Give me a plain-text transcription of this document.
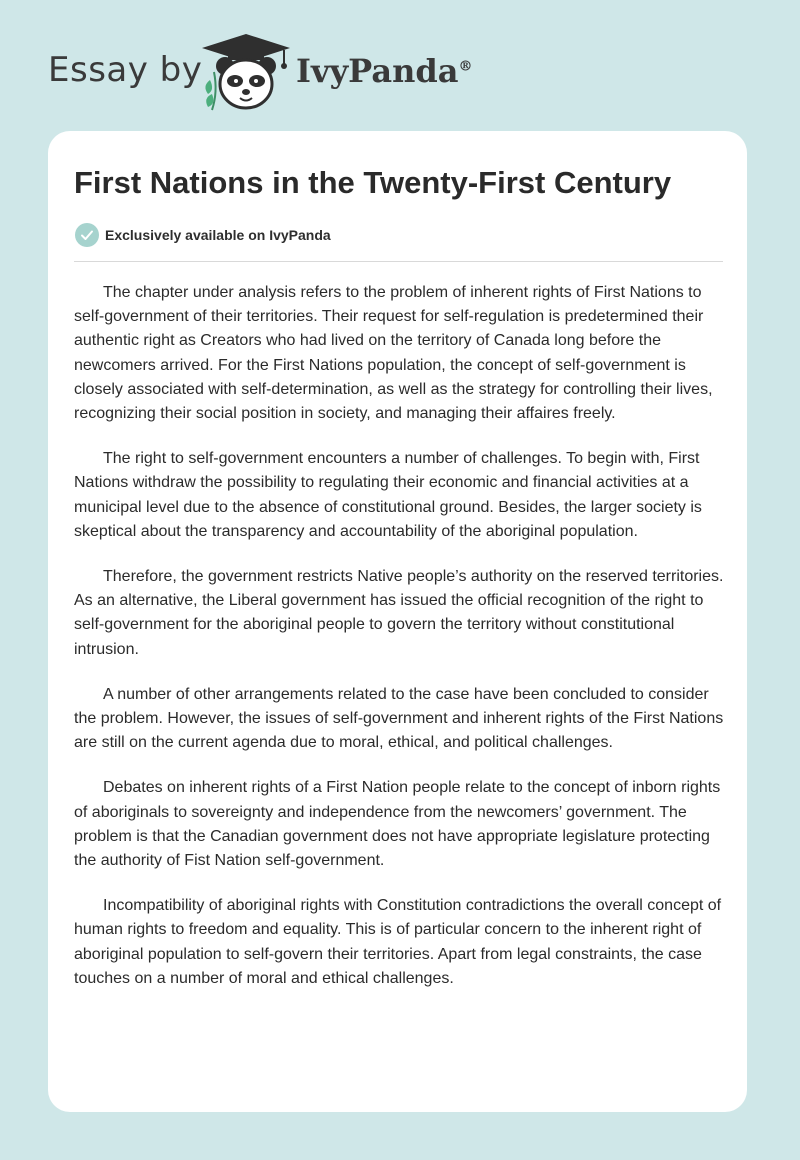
Essay by	IvyPanda®
First Nations in the Twenty-First Century
Exclusively available on IvyPanda

The chapter under analysis refers to the problem of inherent rights of First Nations to self-government of their territories. Their request for self-regulation is predetermined their authentic right as Creators who had lived on the territory of Canada long before the newcomers arrived. For the First Nations population, the concept of self-government is closely associated with self-determination, as well as the strategy for controlling their lives, recognizing their social position in society, and managing their affaires freely.

The right to self-government encounters a number of challenges. To begin with, First Nations withdraw the possibility to regulating their economic and financial activities at a municipal level due to the absence of constitutional ground. Besides, the larger society is skeptical about the transparency and accountability of the aboriginal population.

Therefore, the government restricts Native people’s authority on the reserved territories. As an alternative, the Liberal government has issued the official recognition of the right to self-government for the aboriginal people to govern the territory without constitutional intrusion.

A number of other arrangements related to the case have been concluded to consider the problem. However, the issues of self-government and inherent rights of the First Nations are still on the current agenda due to moral, ethical, and political challenges.

Debates on inherent rights of a First Nation people relate to the concept of inborn rights of aboriginals to sovereignty and independence from the newcomers’ government. The problem is that the Canadian government does not have appropriate legislature protecting the authority of Fist Nation self-government.

Incompatibility of aboriginal rights with Constitution contradictions the overall concept of human rights to freedom and equality. This is of particular concern to the inherent right of aboriginal population to self-govern their territories. Apart from legal constraints, the case touches on a number of moral and ethical challenges.
